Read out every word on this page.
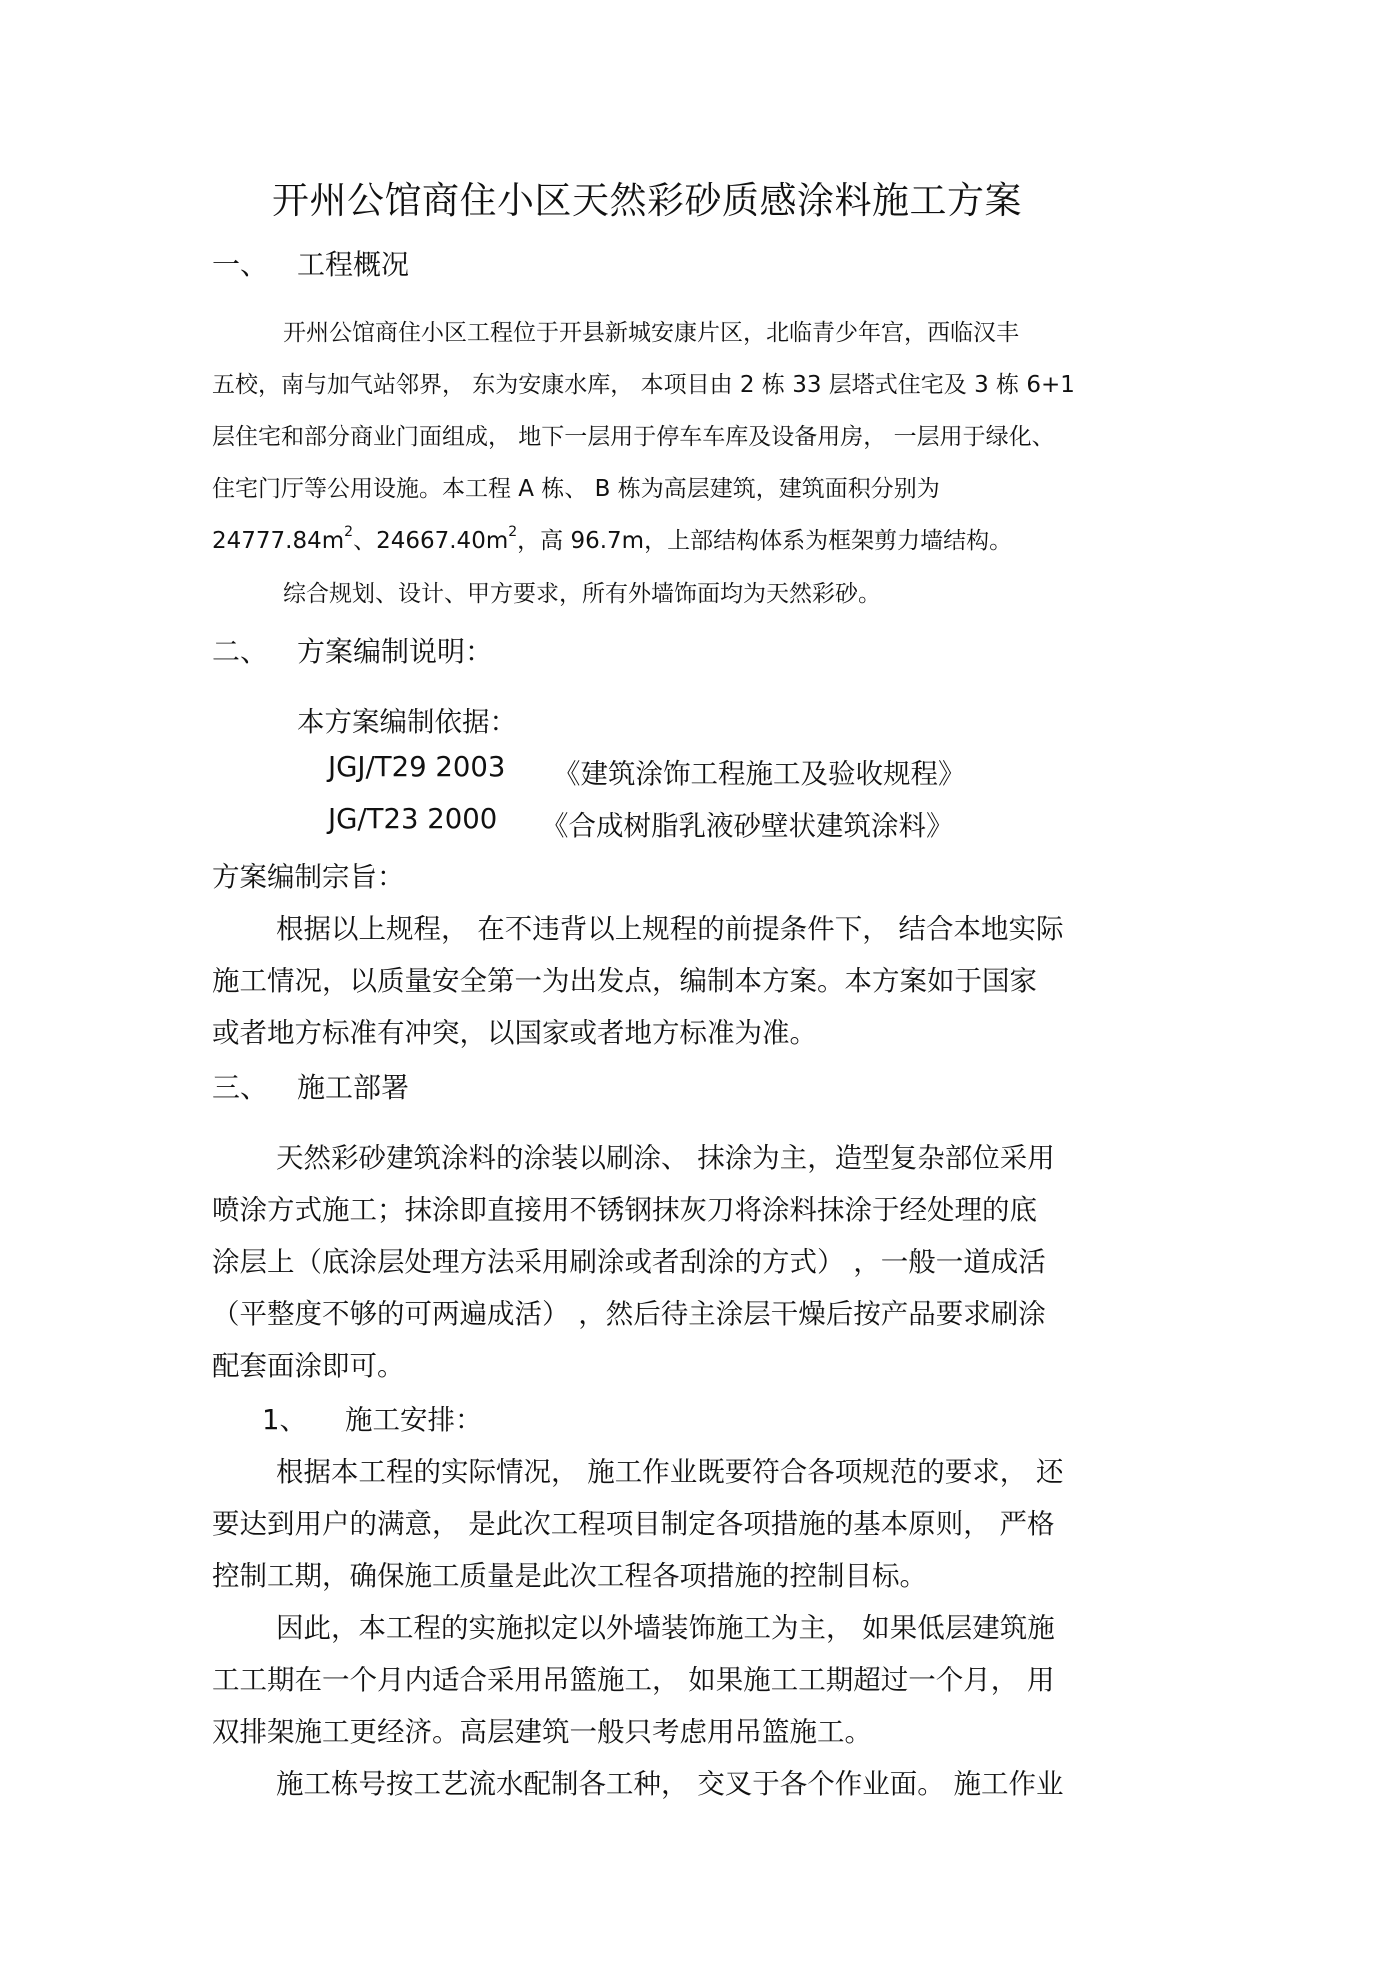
开州公馆商住小区天然彩砂质感涂料施工方案
一、 工程概况
开州公馆商住小区工程位于开县新城安康片区，北临青少年宫，西临汉丰
五校，南与加气站邻界， 东为安康水库， 本项目由 2 栋 33 层塔式住宅及 3 栋 6+1
层住宅和部分商业门面组成， 地下一层用于停车车库及设备用房， 一层用于绿化、
住宅门厅等公用设施。本工程 A 栋、 B 栋为高层建筑，建筑面积分别为
$24777.84m^2$、$24667.40m^2$，高 96.7m，上部结构体系为框架剪力墙结构。
综合规划、设计、甲方要求，所有外墙饰面均为天然彩砂。
二、 方案编制说明：
本方案编制依据：
JGJ/T29 2003 《建筑涂饰工程施工及验收规程》
JG/T23 2000 《合成树脂乳液砂壁状建筑涂料》
方案编制宗旨：
根据以上规程， 在不违背以上规程的前提条件下， 结合本地实际
施工情况，以质量安全第一为出发点，编制本方案。本方案如于国家
或者地方标准有冲突，以国家或者地方标准为准。
三、 施工部署
天然彩砂建筑涂料的涂装以刷涂、 抹涂为主，造型复杂部位采用
喷涂方式施工；抹涂即直接用不锈钢抹灰刀将涂料抹涂于经处理的底
涂层上（底涂层处理方法采用刷涂或者刮涂的方式） ，一般一道成活
（平整度不够的可两遍成活） ，然后待主涂层干燥后按产品要求刷涂
配套面涂即可。
1、 施工安排：
根据本工程的实际情况， 施工作业既要符合各项规范的要求， 还
要达到用户的满意， 是此次工程项目制定各项措施的基本原则， 严格
控制工期，确保施工质量是此次工程各项措施的控制目标。
因此，本工程的实施拟定以外墙装饰施工为主， 如果低层建筑施
工工期在一个月内适合采用吊篮施工， 如果施工工期超过一个月， 用
双排架施工更经济。高层建筑一般只考虑用吊篮施工。
施工栋号按工艺流水配制各工种， 交叉于各个作业面。 施工作业
